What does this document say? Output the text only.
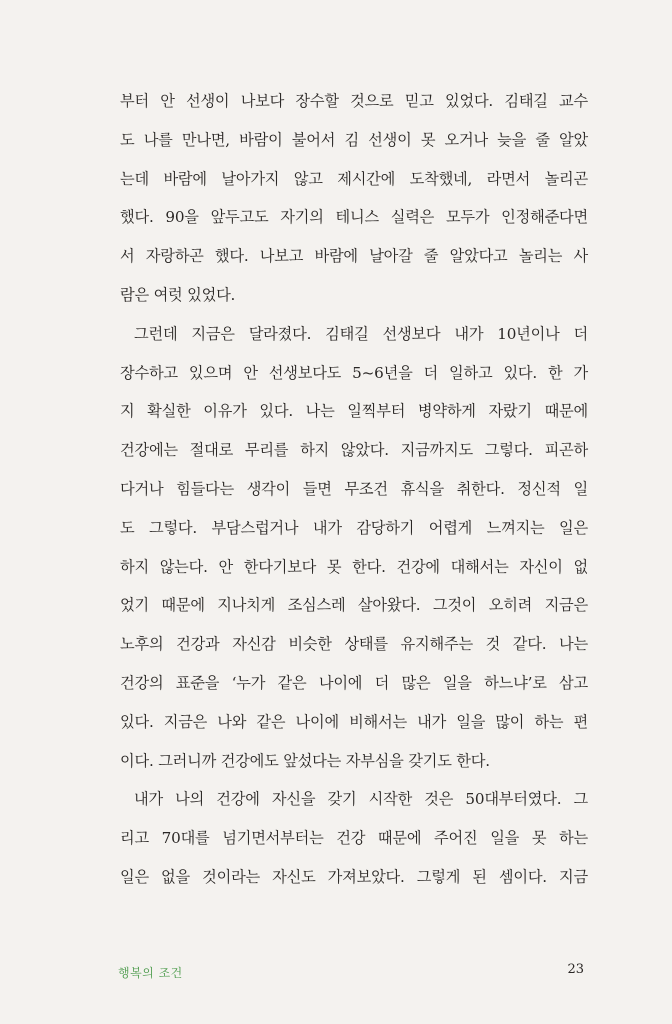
부터 안 선생이 나보다 장수할 것으로 믿고 있었다. 김태길 교수
도 나를 만나면, 바람이 불어서 김 선생이 못 오거나 늦을 줄 알았
는데 바람에 날아가지 않고 제시간에 도착했네, 라면서 놀리곤
했다. 90을 앞두고도 자기의 테니스 실력은 모두가 인정해준다면
서 자랑하곤 했다. 나보고 바람에 날아갈 줄 알았다고 놀리는 사
람은 여럿 있었다.

그런데 지금은 달라졌다. 김태길 선생보다 내가 10년이나 더
장수하고 있으며 안 선생보다도 5~6년을 더 일하고 있다. 한 가
지 확실한 이유가 있다. 나는 일찍부터 병약하게 자랐기 때문에
건강에는 절대로 무리를 하지 않았다. 지금까지도 그렇다. 피곤하
다거나 힘들다는 생각이 들면 무조건 휴식을 취한다. 정신적 일
도 그렇다. 부담스럽거나 내가 감당하기 어렵게 느껴지는 일은
하지 않는다. 안 한다기보다 못 한다. 건강에 대해서는 자신이 없
었기 때문에 지나치게 조심스레 살아왔다. 그것이 오히려 지금은
노후의 건강과 자신감 비슷한 상태를 유지해주는 것 같다. 나는
건강의 표준을 ‘누가 같은 나이에 더 많은 일을 하느냐’로 삼고
있다. 지금은 나와 같은 나이에 비해서는 내가 일을 많이 하는 편
이다. 그러니까 건강에도 앞섰다는 자부심을 갖기도 한다.

내가 나의 건강에 자신을 갖기 시작한 것은 50대부터였다. 그
리고 70대를 넘기면서부터는 건강 때문에 주어진 일을 못 하는
일은 없을 것이라는 자신도 가져보았다. 그렇게 된 셈이다. 지금

행복의 조건	23
